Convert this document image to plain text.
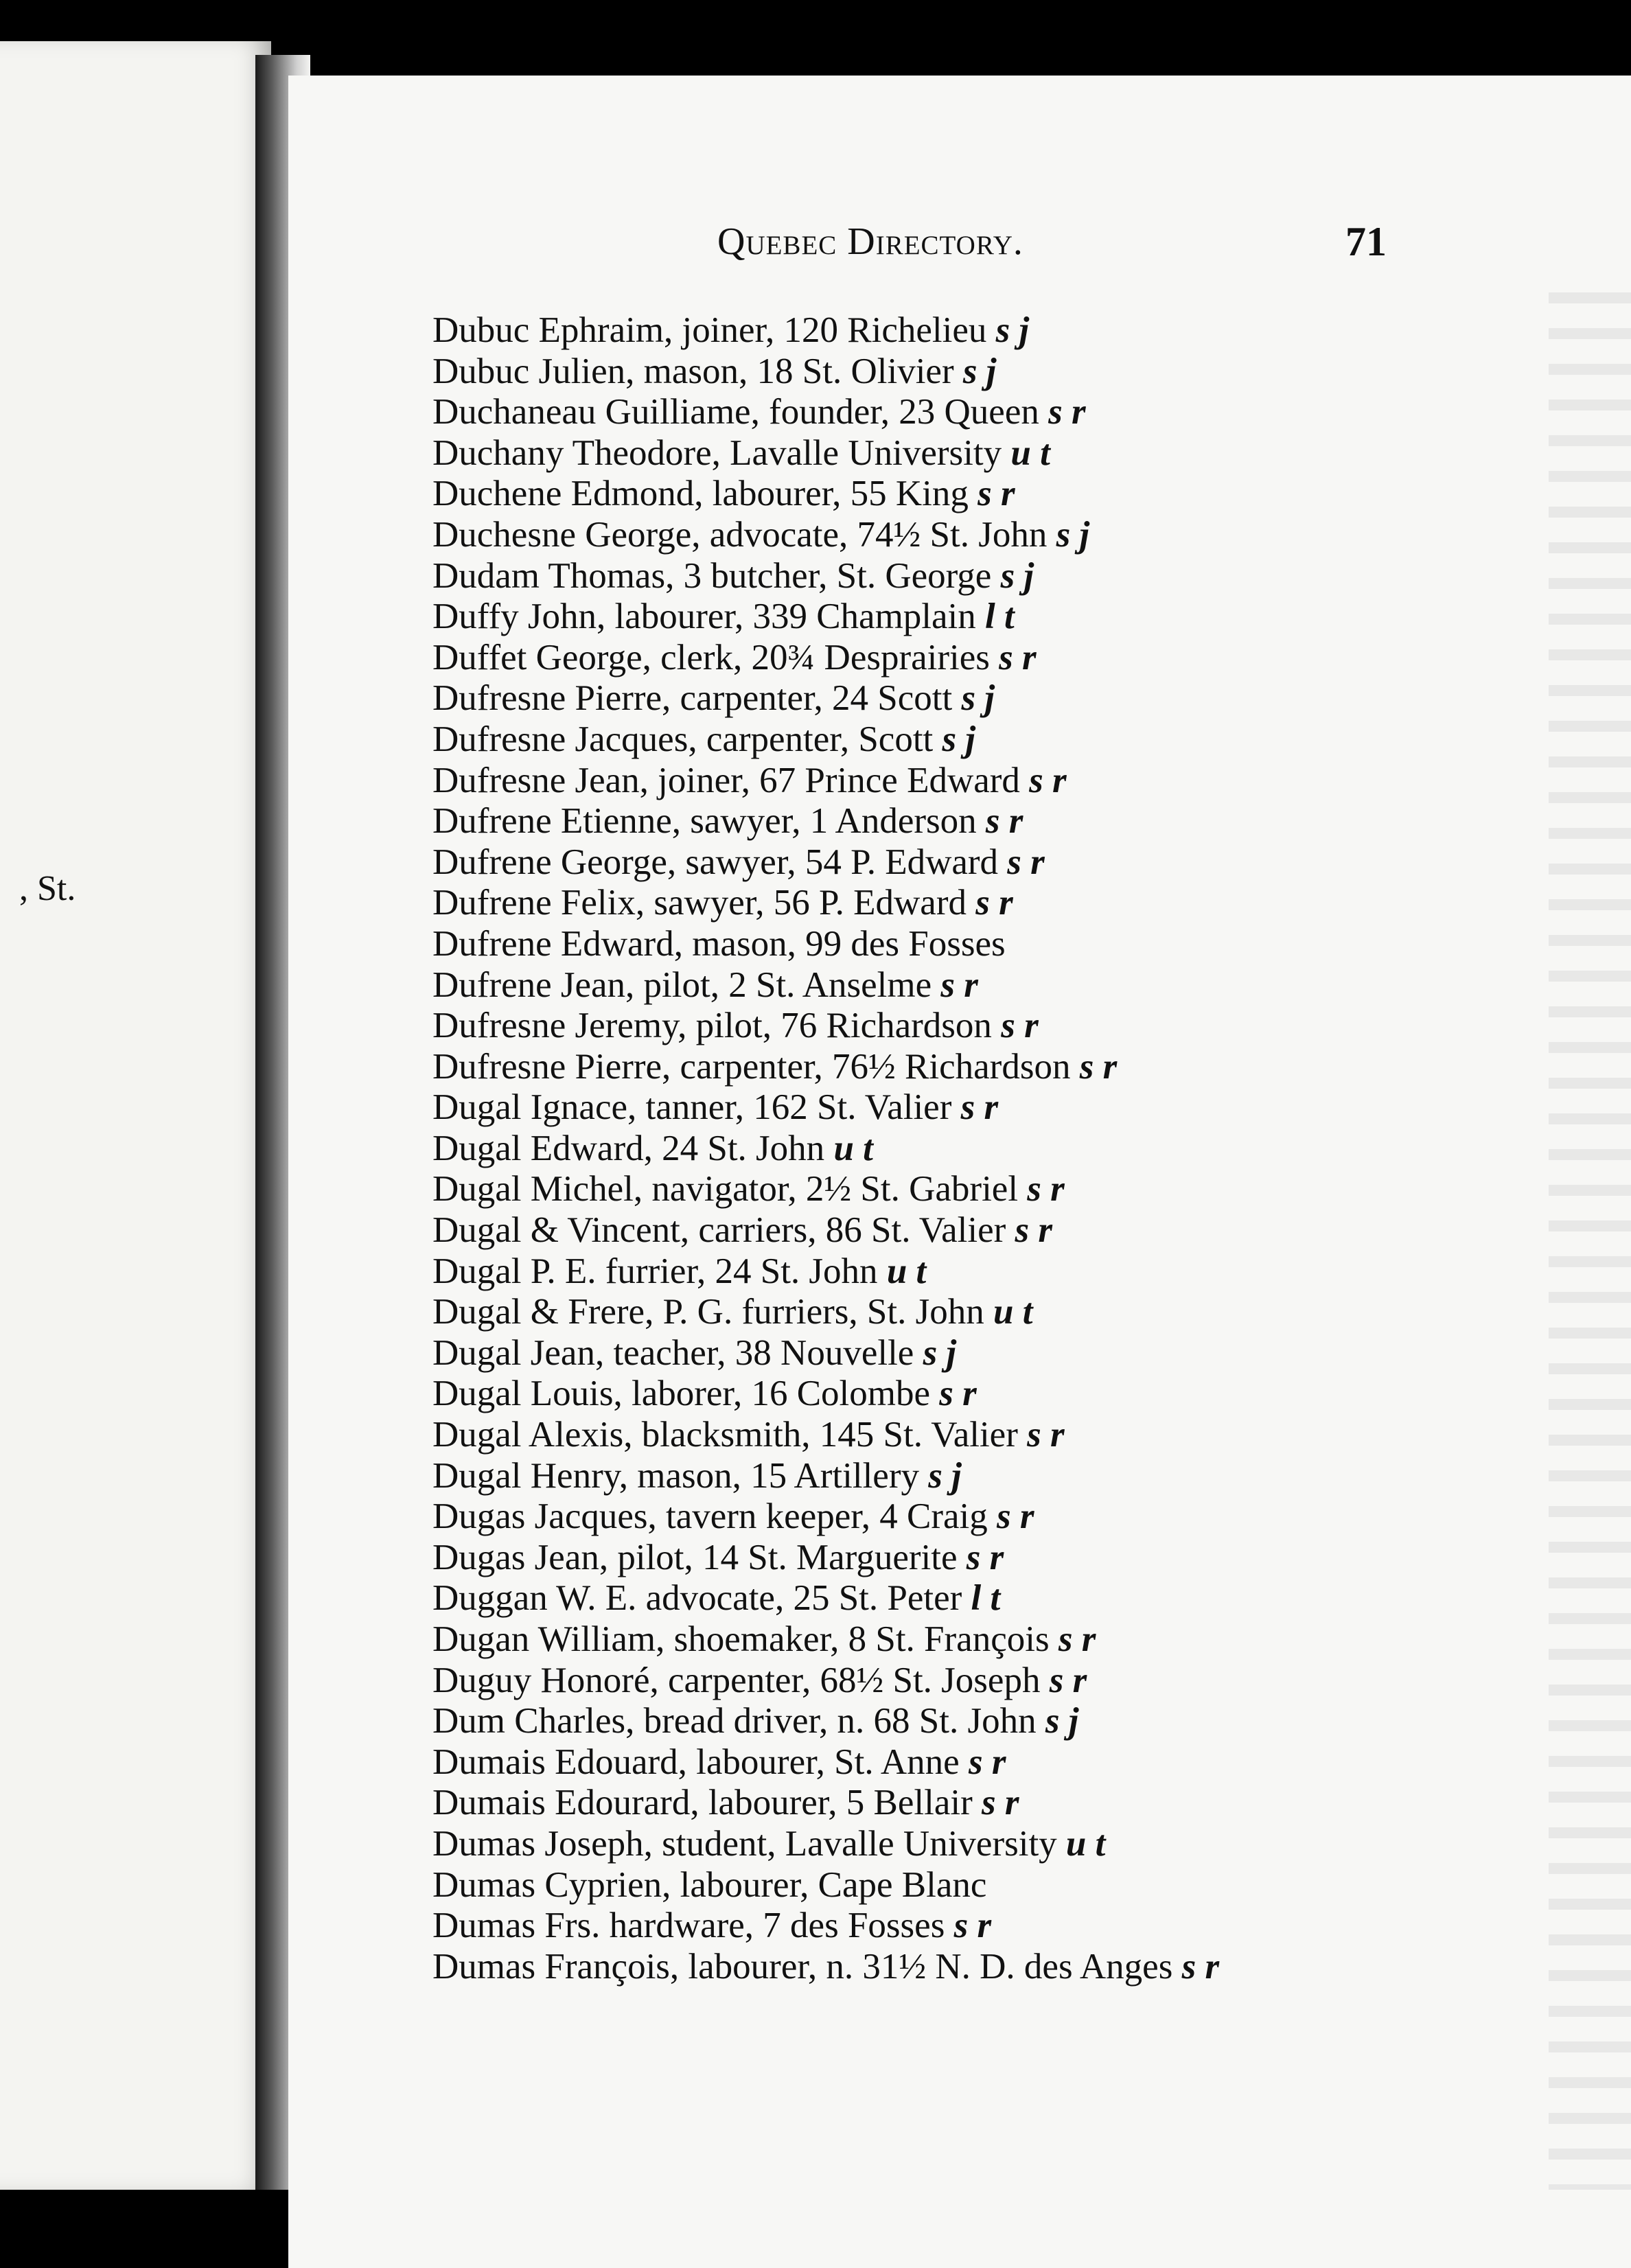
, St.
Quebec Directory.	71
Dubuc Ephraim, joiner, 120 Richelieu s j
Dubuc Julien, mason, 18 St. Olivier s j
Duchaneau Guilliame, founder, 23 Queen s r
Duchany Theodore, Lavalle University u t
Duchene Edmond, labourer, 55 King s r
Duchesne George, advocate, 74½ St. John s j
Dudam Thomas, 3 butcher, St. George s j
Duffy John, labourer, 339 Champlain l t
Duffet George, clerk, 20¾ Desprairies s r
Dufresne Pierre, carpenter, 24 Scott s j
Dufresne Jacques, carpenter, Scott s j
Dufresne Jean, joiner, 67 Prince Edward s r
Dufrene Etienne, sawyer, 1 Anderson s r
Dufrene George, sawyer, 54 P. Edward s r
Dufrene Felix, sawyer, 56 P. Edward s r
Dufrene Edward, mason, 99 des Fosses
Dufrene Jean, pilot, 2 St. Anselme s r
Dufresne Jeremy, pilot, 76 Richardson s r
Dufresne Pierre, carpenter, 76½ Richardson s r
Dugal Ignace, tanner, 162 St. Valier s r
Dugal Edward, 24 St. John u t
Dugal Michel, navigator, 2½ St. Gabriel s r
Dugal & Vincent, carriers, 86 St. Valier s r
Dugal P. E. furrier, 24 St. John u t
Dugal & Frere, P. G. furriers, St. John u t
Dugal Jean, teacher, 38 Nouvelle s j
Dugal Louis, laborer, 16 Colombe s r
Dugal Alexis, blacksmith, 145 St. Valier s r
Dugal Henry, mason, 15 Artillery s j
Dugas Jacques, tavern keeper, 4 Craig s r
Dugas Jean, pilot, 14 St. Marguerite s r
Duggan W. E. advocate, 25 St. Peter l t
Dugan William, shoemaker, 8 St. François s r
Duguy Honoré, carpenter, 68½ St. Joseph s r
Dum Charles, bread driver, n. 68 St. John s j
Dumais Edouard, labourer, St. Anne s r
Dumais Edourard, labourer, 5 Bellair s r
Dumas Joseph, student, Lavalle University u t
Dumas Cyprien, labourer, Cape Blanc
Dumas Frs. hardware, 7 des Fosses s r
Dumas François, labourer, n. 31½ N. D. des Anges s r
